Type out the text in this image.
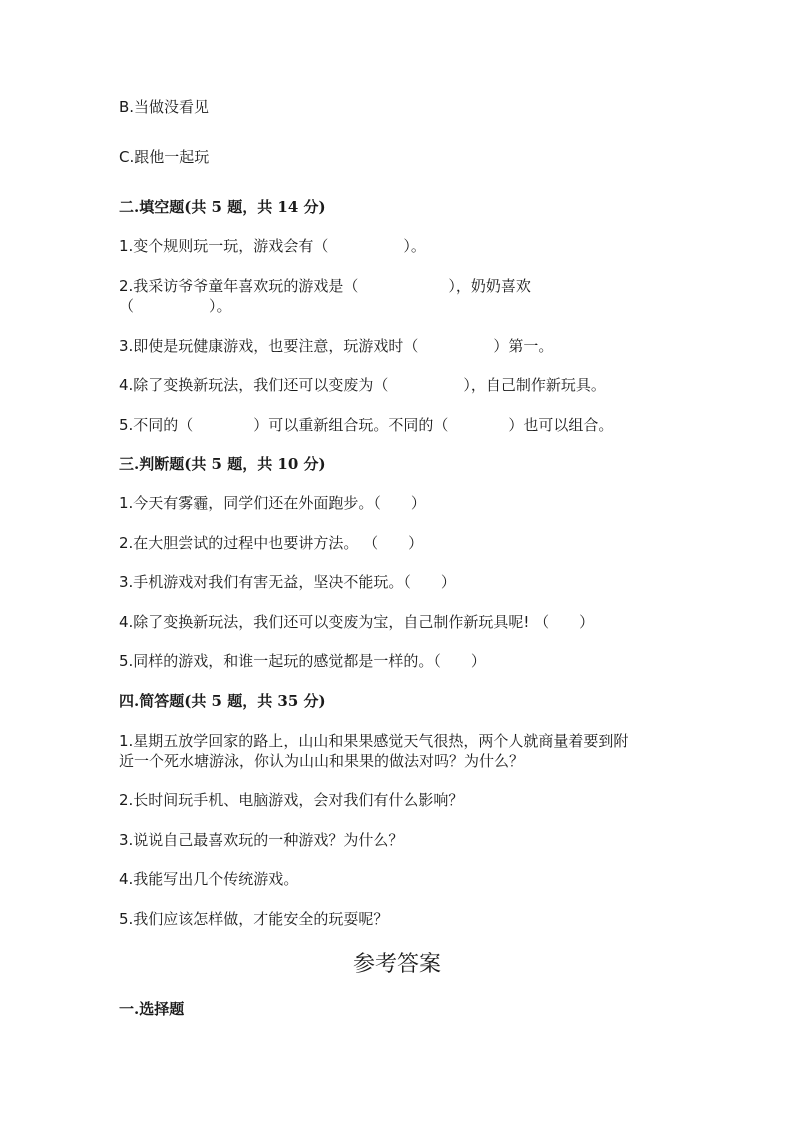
B.当做没看见
C.跟他一起玩
二.填空题(共 5 题，共 14 分)
1.变个规则玩一玩，游戏会有（　　　　　）。
2.我采访爷爷童年喜欢玩的游戏是（　　　　　　），奶奶喜欢
（　　　　　）。
3.即使是玩健康游戏，也要注意，玩游戏时（　　　　　）第一。
4.除了变换新玩法，我们还可以变废为（　　　　　），自己制作新玩具。
5.不同的（　　　　）可以重新组合玩。不同的（　　　　）也可以组合。
三.判断题(共 5 题，共 10 分)
1.今天有雾霾，同学们还在外面跑步。（　　）
2.在大胆尝试的过程中也要讲方法。 （　　）
3.手机游戏对我们有害无益，坚决不能玩。（　　）
4.除了变换新玩法，我们还可以变废为宝，自己制作新玩具呢! （　　）
5.同样的游戏，和谁一起玩的感觉都是一样的。（　　）
四.简答题(共 5 题，共 35 分)
1.星期五放学回家的路上，山山和果果感觉天气很热，两个人就商量着要到附
近一个死水塘游泳，你认为山山和果果的做法对吗？为什么？
2.长时间玩手机、电脑游戏，会对我们有什么影响？
3.说说自己最喜欢玩的一种游戏？为什么？
4.我能写出几个传统游戏。
5.我们应该怎样做，才能安全的玩耍呢？
参考答案
一.选择题
